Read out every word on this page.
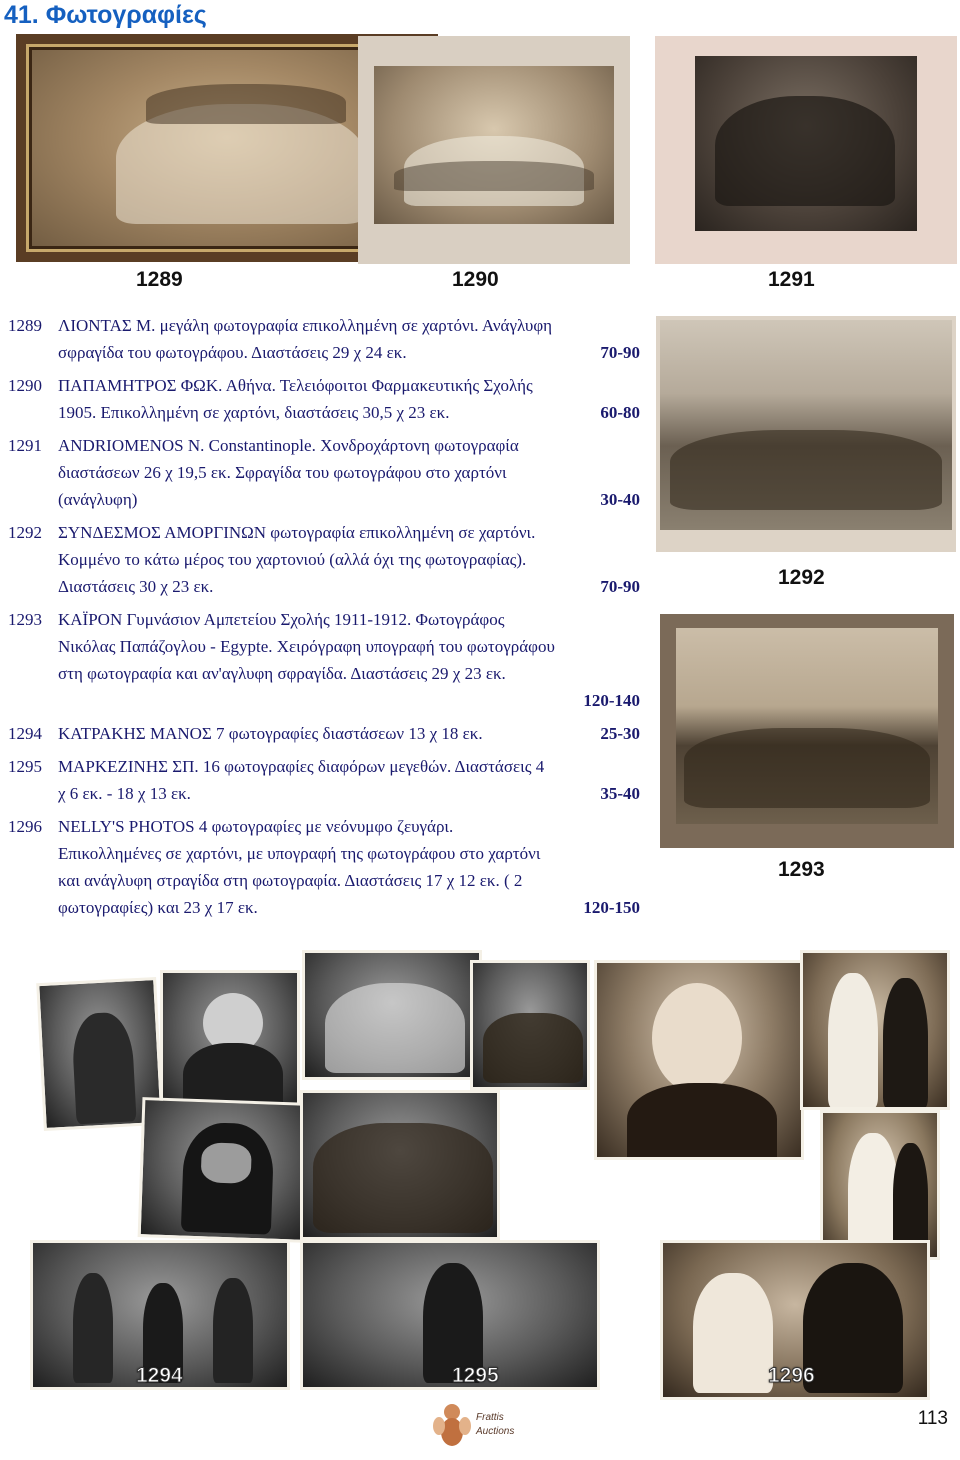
41. Φωτογραφίες
1289	1290	1291
1292
1293
1289 ΛΙΟΝΤΑΣ Μ. μεγάλη φωτογραφία επικολλημένη σε χαρτόνι. Ανάγλυφη
σφραγίδα του φωτογράφου. Διαστάσεις 29 χ 24 εκ.	70-90
1290 ΠΑΠΑΜΗΤΡΟΣ ΦΩΚ. Αθήνα. Τελειόφοιτοι Φαρμακευτικής Σχολής
1905. Επικολλημένη σε χαρτόνι, διαστάσεις 30,5 χ 23 εκ.	60-80
1291 ANDRIOMENOS N. Constantinople. Χονδροχάρτονη φωτογραφία
διαστάσεων 26 χ 19,5 εκ. Σφραγίδα του φωτογράφου στο χαρτόνι
(ανάγλυφη)	30-40
1292 ΣΥΝΔΕΣΜΟΣ ΑΜΟΡΓΙΝΩΝ φωτογραφία επικολλημένη σε χαρτόνι.
Κομμένο το κάτω μέρος του χαρτονιού (αλλά όχι της φωτογραφίας).
Διαστάσεις 30 χ 23 εκ.	70-90
1293 ΚΑΪΡΟΝ Γυμνάσιον Αμπετείου Σχολής 1911-1912. Φωτογράφος
Νικόλας Παπάζογλου - Egypte. Χειρόγραφη υπογραφή του φωτογράφου
στη φωτογραφία και αν'αγλυφη σφραγίδα. Διαστάσεις 29 χ 23 εκ.
120-140
1294 ΚΑΤΡΑΚΗΣ ΜΑΝΟΣ 7 φωτογραφίες διαστάσεων 13 χ 18 εκ.	25-30
1295 ΜΑΡΚΕΖΙΝΗΣ ΣΠ. 16 φωτογραφίες διαφόρων μεγεθών. Διαστάσεις 4
χ 6 εκ. - 18 χ 13 εκ.	35-40
1296 NELLY'S PHOTOS 4 φωτογραφίες με νεόνυμφο ζευγάρι.
Επικολλημένες σε χαρτόνι, με υπογραφή της φωτογράφου στο χαρτόνι
και ανάγλυφη στραγίδα στη φωτογραφία. Διαστάσεις 17 χ 12 εκ. ( 2
φωτογραφίες) και 23 χ 17 εκ.	120-150
1294	1295	1296
Frattis
Auctions
113
